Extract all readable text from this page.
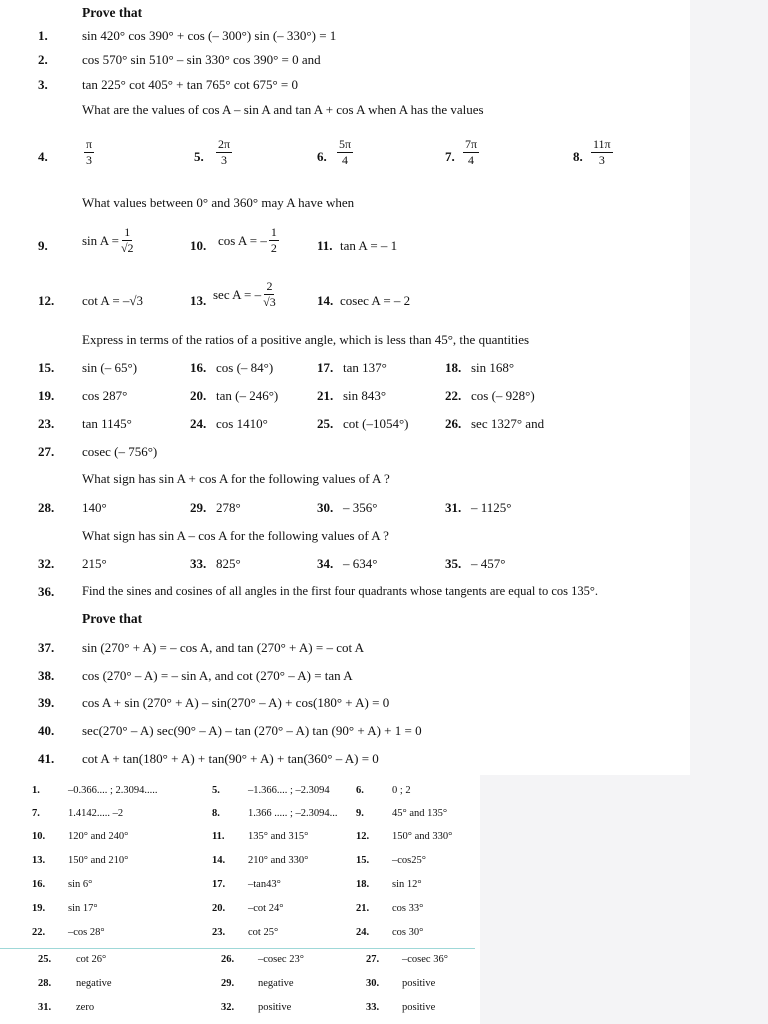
Prove that
1.	sin 420° cos 390° + cos (– 300°) sin (– 330°) = 1
2.	cos 570° sin 510° – sin 330° cos 390° = 0 and
3.	tan 225° cot 405° + tan 765° cot 675° = 0
What are the values of cos A – sin A and tan A + cos A when A has the values
4.	$\frac{\pi}{3}$	5. $\frac{2\pi}{3}$	6. $\frac{5\pi}{4}$	7. $\frac{7\pi}{4}$	8. $\frac{11\pi}{3}$
What values between 0° and 360° may A have when
9.	$\sin A = \frac{1}{√2}$	10. cos A = – $\frac{1}{2}$	11. tan A = – 1
12. cot A = –√3	13. sec A = – $\frac{2}{√3}$	14. cosec A = – 2
Express in terms of the ratios of a positive angle, which is less than 45°, the quantities
15. sin (– 65°)	16. cos (– 84°)	17. tan 137°	18. sin 168°
19. cos 287°	20. tan (– 246°)	21. sin 843°	22. cos (– 928°)
23. tan 1145°	24. cos 1410°	25. cot (–1054°)	26. sec 1327° and
27. cosec (– 756°)
What sign has sin A + cos A for the following values of A ?
28. 140°	29. 278°	30. – 356°	31. – 1125°
What sign has sin A – cos A for the following values of A ?
32. 215°	33. 825°	34. – 634°	35. – 457°
36. Find the sines and cosines of all angles in the first four quadrants whose tangents are equal to cos 135°.
Prove that
37. sin (270° + A) = – cos A, and tan (270° + A) = – cot A
38. cos (270° – A) = – sin A, and cot (270° – A) = tan A
39. cos A + sin (270° + A) – sin(270° – A) + cos(180° + A) = 0
40. sec(270° – A) sec(90° – A) – tan (270° – A) tan (90° + A) + 1 = 0
41. cot A + tan(180° + A) + tan(90° + A) + tan(360° – A) = 0
1.	–0.366.... ; 2.3094.....	5.	–1.366.... ; –2.3094	6.	0 ; 2
7.	1.4142..... –2	8.	1.366 ..... ; –2.3094... 9.	45° and 135°
10. 120° and 240°	11. 135° and 315°	12. 150° and 330°
13. 150° and 210°	14. 210° and 330°	15. –cos25°
16. sin 6°	17. –tan43°	18. sin 12°
19. sin 17°	20. –cot 24°	21. cos 33°
22. –cos 28°	23. cot 25°	24. cos 30°
25. cot 26°	26. –cosec 23°	27. –cosec 36°
28. negative	29. negative	30. positive
31. zero	32. positive	33. positive
